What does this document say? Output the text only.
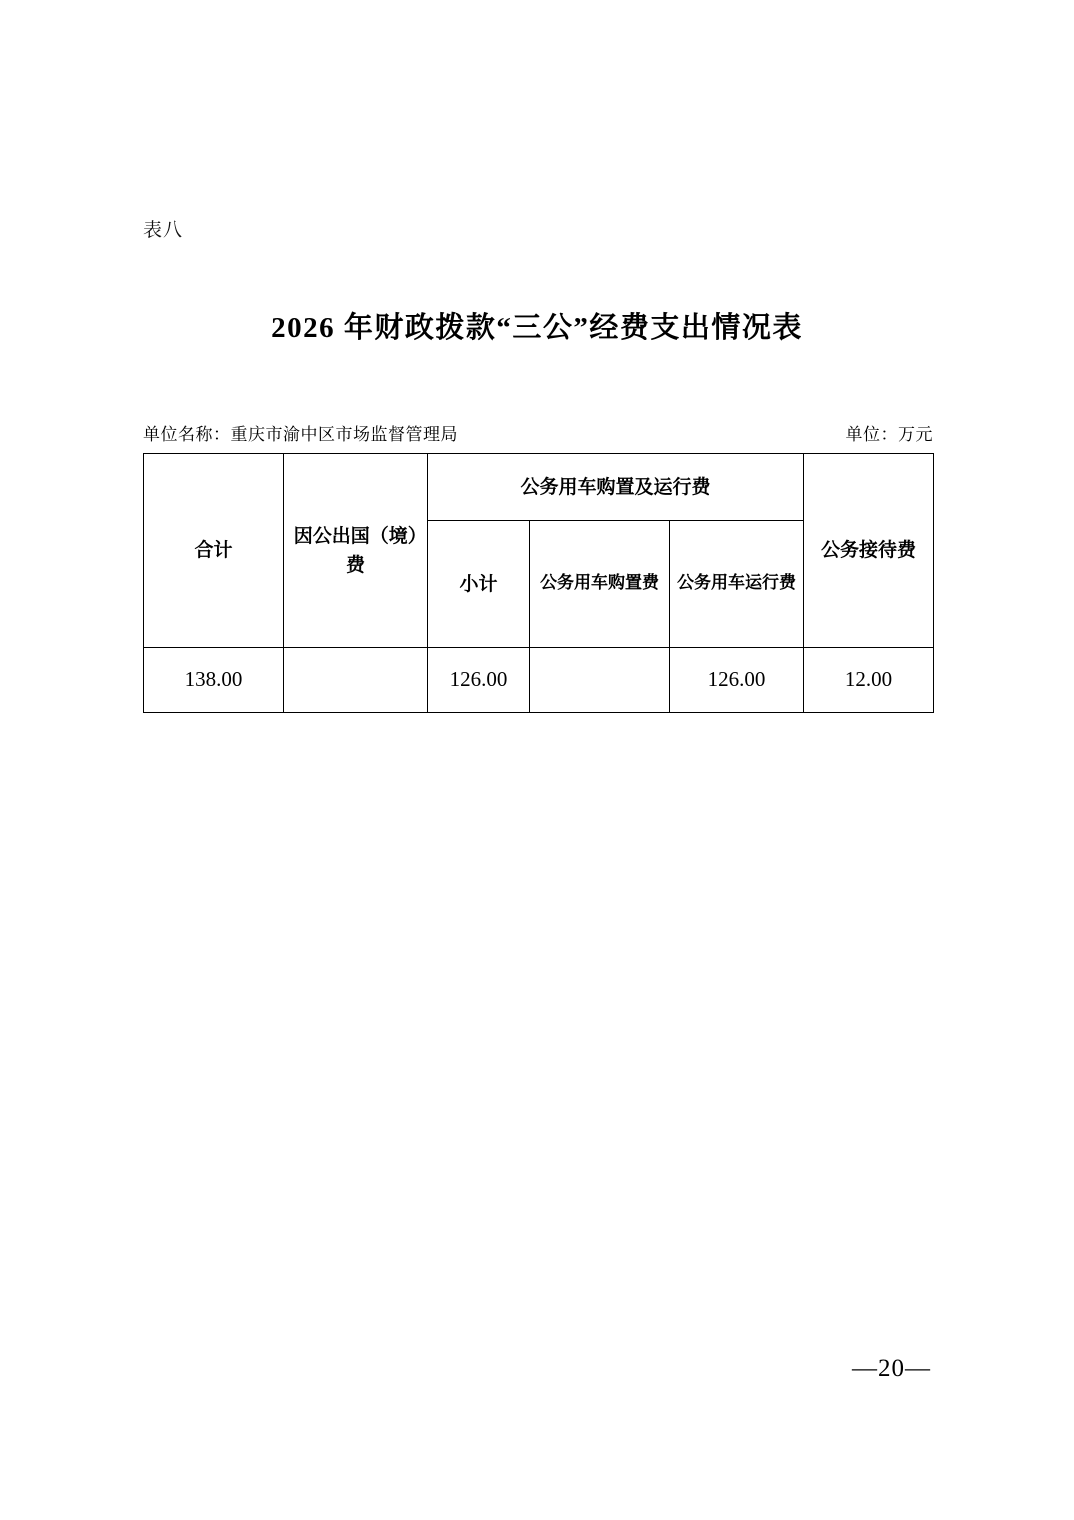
表八
2026 年财政拨款“三公”经费支出情况表
单位名称：重庆市渝中区市场监督管理局	单位：万元
合计	因公出国（境）费	公务用车购置及运行费			公务接待费
		小计	公务用车购置费	公务用车运行费	
138.00		126.00		126.00	12.00
—20—
